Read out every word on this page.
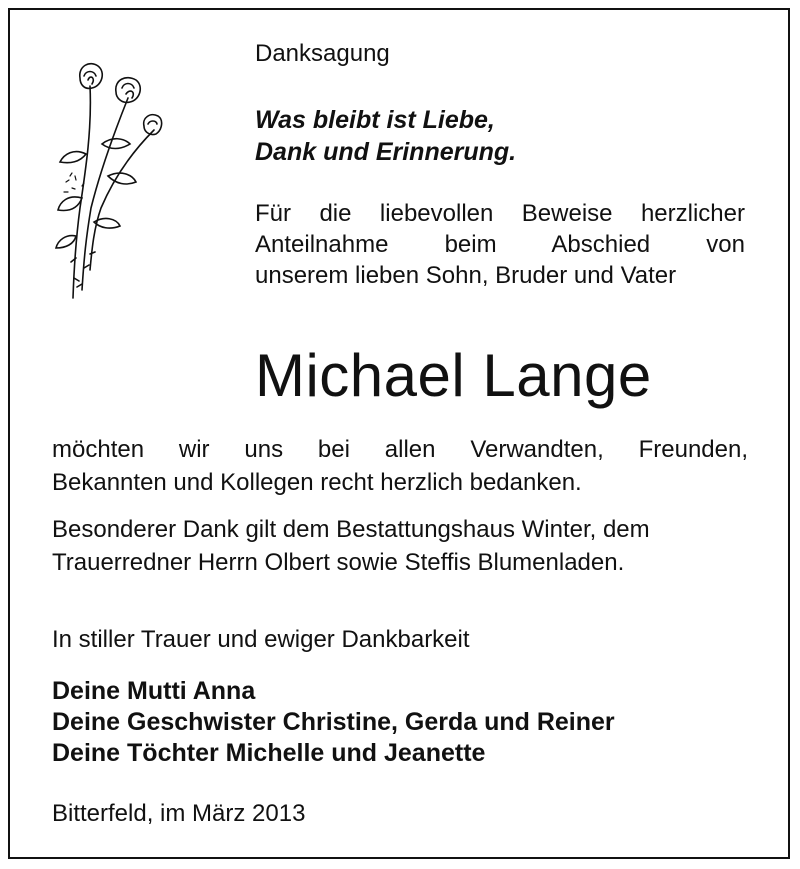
Danksagung
Was bleibt ist Liebe,
Dank und Erinnerung.
Für die liebevollen Beweise herzlicher
Anteilnahme beim Abschied von
unserem lieben Sohn, Bruder und Vater
Michael Lange
möchten wir uns bei allen Verwandten, Freunden,
Bekannten und Kollegen recht herzlich bedanken.
Besonderer Dank gilt dem Bestattungshaus Winter, dem
Trauerredner Herrn Olbert sowie Steffis Blumenladen.
In stiller Trauer und ewiger Dankbarkeit
Deine Mutti Anna
Deine Geschwister Christine, Gerda und Reiner
Deine Töchter Michelle und Jeanette
Bitterfeld, im März 2013
